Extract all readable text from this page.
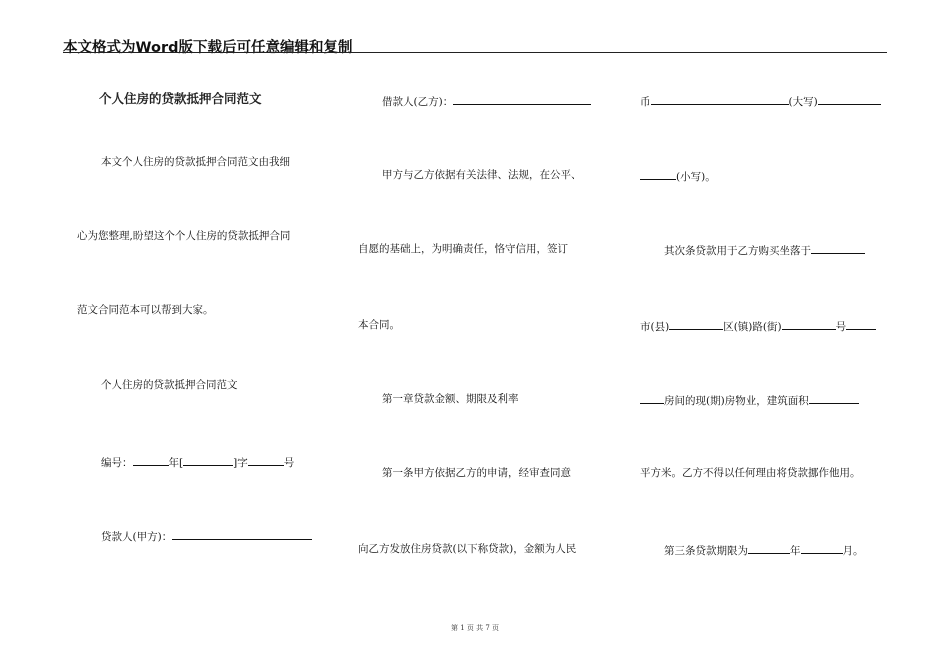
本文格式为Word版下载后可任意编辑和复制
个人住房的贷款抵押合同范文
本文个人住房的贷款抵押合同范文由我细
心为您整理,盼望这个个人住房的贷款抵押合同
范文合同范本可以帮到大家。
个人住房的贷款抵押合同范文
编号：	年[	]字	号
贷款人(甲方)：
借款人(乙方)：
甲方与乙方依据有关法律、法规，在公平、
自愿的基础上，为明确责任，恪守信用，签订
本合同。
第一章贷款金额、期限及利率
第一条甲方依据乙方的申请，经审查同意
向乙方发放住房贷款(以下称贷款)，金额为人民
币	(大写)
(小写)。
其次条贷款用于乙方购买坐落于
市(县)	区(镇)路(街)	号
房间的现(期)房物业，建筑面积
平方米。乙方不得以任何理由将贷款挪作他用。
第三条贷款期限为	年	月。
第 1 页 共 7 页
